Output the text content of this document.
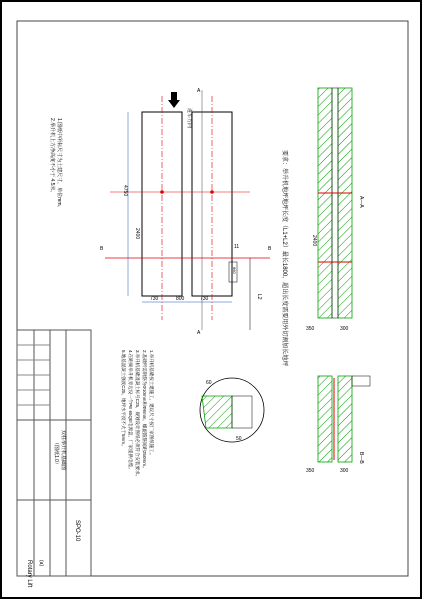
Rotary Lift
双柱举升机基础图
（图纸1.0）
SPO-10
(a)
1.图纸中所标尺寸为土建尺寸，单位mm。
2.举升机上方净高度不小于 4.5米。
A
A
B	B
进车方向
4750
2400
730	800	730
11
660
L2	要求：举升机地坪地坪长度（L1+L2）最长1800，超出长度需要用外切割加长地坪	A—A
2400
350	300
B—B
350	300
60
50
1.举升机基础按土建施工，建议尺寸按厂家图纸施工。
2.基础所需钢筋为Φ10mm和Φ8mm，螺旋箍筋间距250mm。
3.举升机基础混凝土标号C25，规划设计图纸必须符合安装要求。
4.在距离举升机旁边设一个PE 65QE电源盒，厂家提供电缆。
5.地基混凝土强度C25，地坪水平度不大于5mm。
